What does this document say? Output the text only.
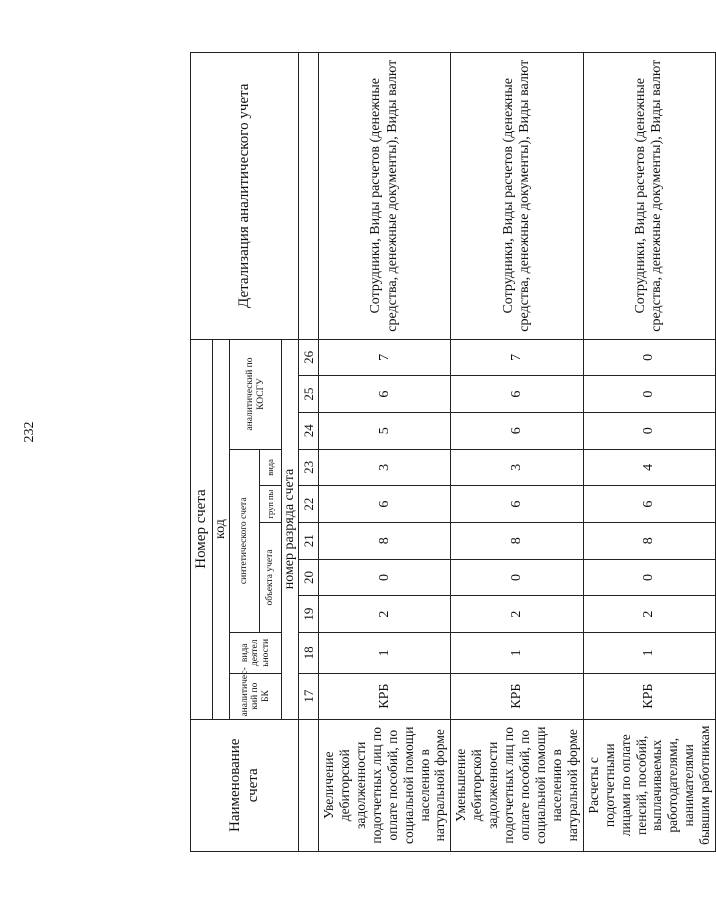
232
Наименование счета	Номер счета										Детализация аналитического учета
	код										
	аналитический по БК	вида деятел ьности	синтетического счета					аналитический по КОСГУ			
			объекта учета			груп пы	вида				
	номер разряда счета										
	17	18	19	20	21	22	23	24	25	26	
Увеличение дебиторской задолженности подотчетных лиц по оплате пособий, по социальной помощи населению в натуральной форме	КРБ	1	2	0	8	6	3	5	6	7	Сотрудники, Виды расчетов (денежные средства, денежные документы), Виды валют
Уменьшение дебиторской задолженности подотчетных лиц по оплате пособий, по социальной помощи населению в натуральной форме	КРБ	1	2	0	8	6	3	6	6	7	Сотрудники, Виды расчетов (денежные средства, денежные документы), Виды валют
Расчеты с подотчетными лицами по оплате пенсий, пособий, выплачиваемых работодателями, нанимателями бывшим работникам	КРБ	1	2	0	8	6	4	0	0	0	Сотрудники, Виды расчетов (денежные средства, денежные документы), Виды валют
